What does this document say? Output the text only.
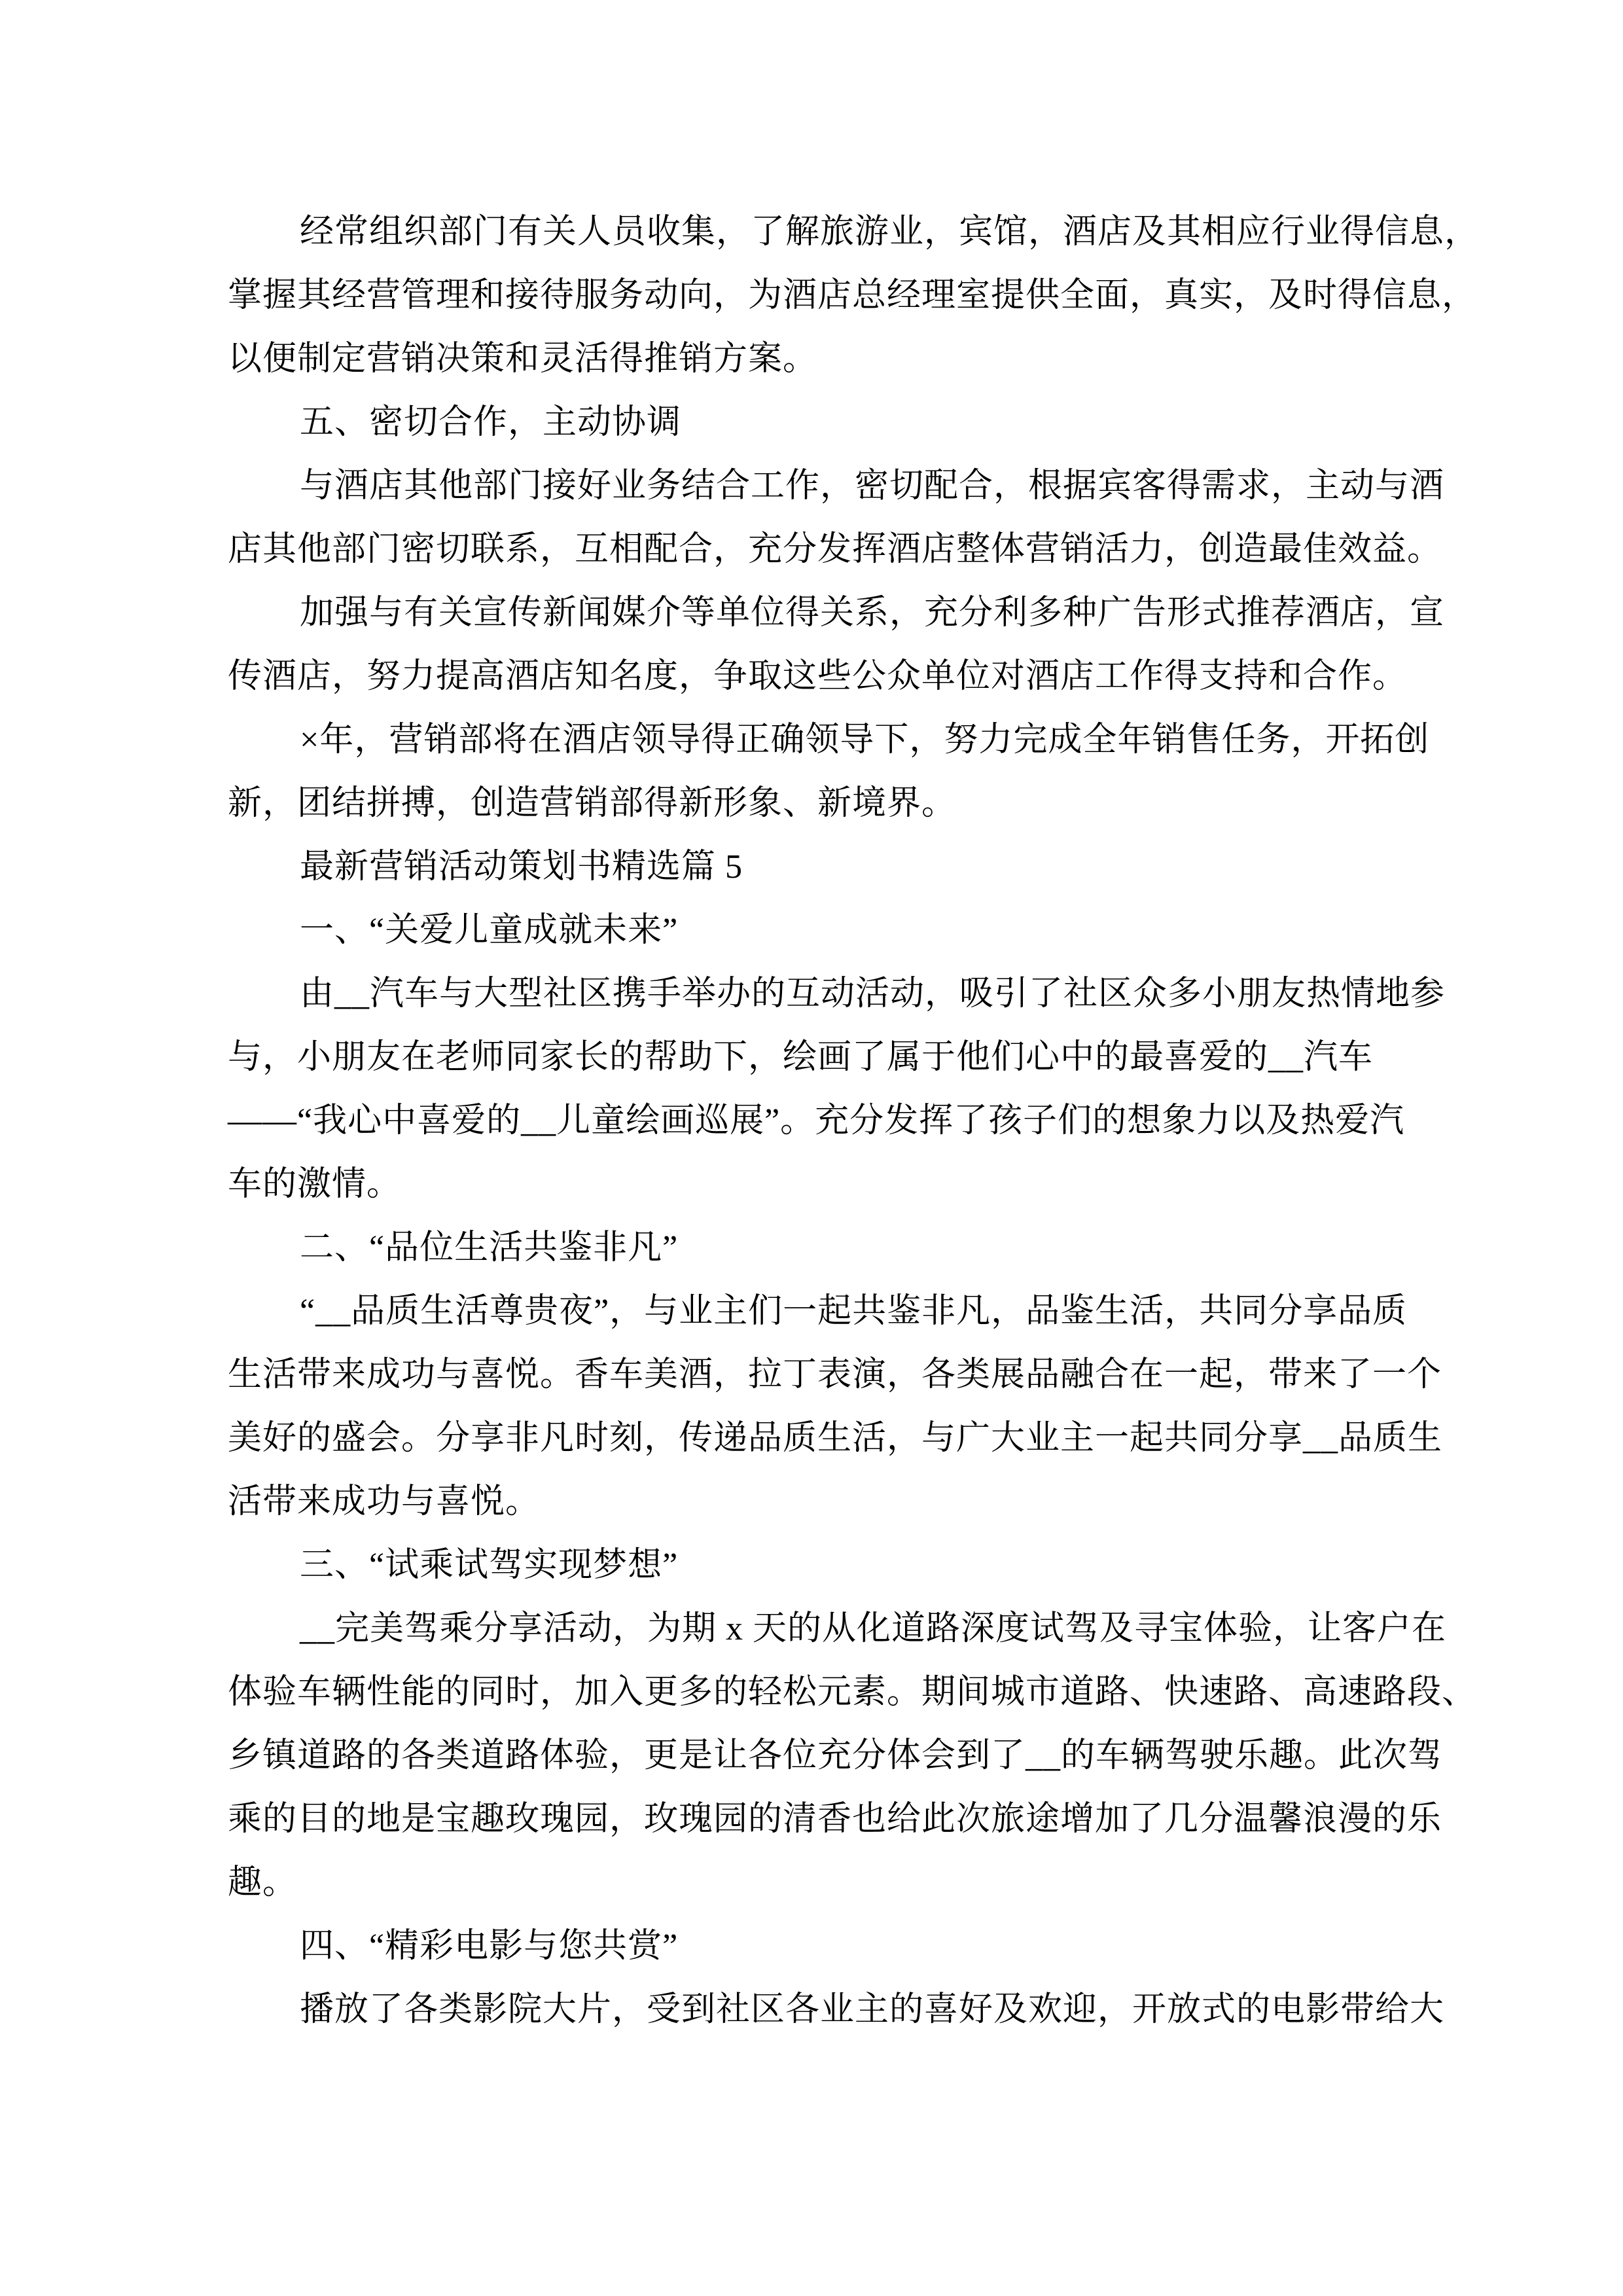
经常组织部门有关人员收集，了解旅游业，宾馆，酒店及其相应行业得信息，
掌握其经营管理和接待服务动向，为酒店总经理室提供全面，真实，及时得信息，
以便制定营销决策和灵活得推销方案。
五、密切合作，主动协调
与酒店其他部门接好业务结合工作，密切配合，根据宾客得需求，主动与酒
店其他部门密切联系，互相配合，充分发挥酒店整体营销活力，创造最佳效益。
加强与有关宣传新闻媒介等单位得关系，充分利多种广告形式推荐酒店，宣
传酒店，努力提高酒店知名度，争取这些公众单位对酒店工作得支持和合作。
×年，营销部将在酒店领导得正确领导下，努力完成全年销售任务，开拓创
新，团结拼搏，创造营销部得新形象、新境界。
最新营销活动策划书精选篇 5
一、“关爱儿童成就未来”
由__汽车与大型社区携手举办的互动活动，吸引了社区众多小朋友热情地参
与，小朋友在老师同家长的帮助下，绘画了属于他们心中的最喜爱的__汽车
——“我心中喜爱的__儿童绘画巡展”。充分发挥了孩子们的想象力以及热爱汽
车的激情。
二、“品位生活共鉴非凡”
“__品质生活尊贵夜”，与业主们一起共鉴非凡，品鉴生活，共同分享品质
生活带来成功与喜悦。香车美酒，拉丁表演，各类展品融合在一起，带来了一个
美好的盛会。分享非凡时刻，传递品质生活，与广大业主一起共同分享__品质生
活带来成功与喜悦。
三、“试乘试驾实现梦想”
__完美驾乘分享活动，为期 x 天的从化道路深度试驾及寻宝体验，让客户在
体验车辆性能的同时，加入更多的轻松元素。期间城市道路、快速路、高速路段、
乡镇道路的各类道路体验，更是让各位充分体会到了__的车辆驾驶乐趣。此次驾
乘的目的地是宝趣玫瑰园，玫瑰园的清香也给此次旅途增加了几分温馨浪漫的乐
趣。
四、“精彩电影与您共赏”
播放了各类影院大片，受到社区各业主的喜好及欢迎，开放式的电影带给大
